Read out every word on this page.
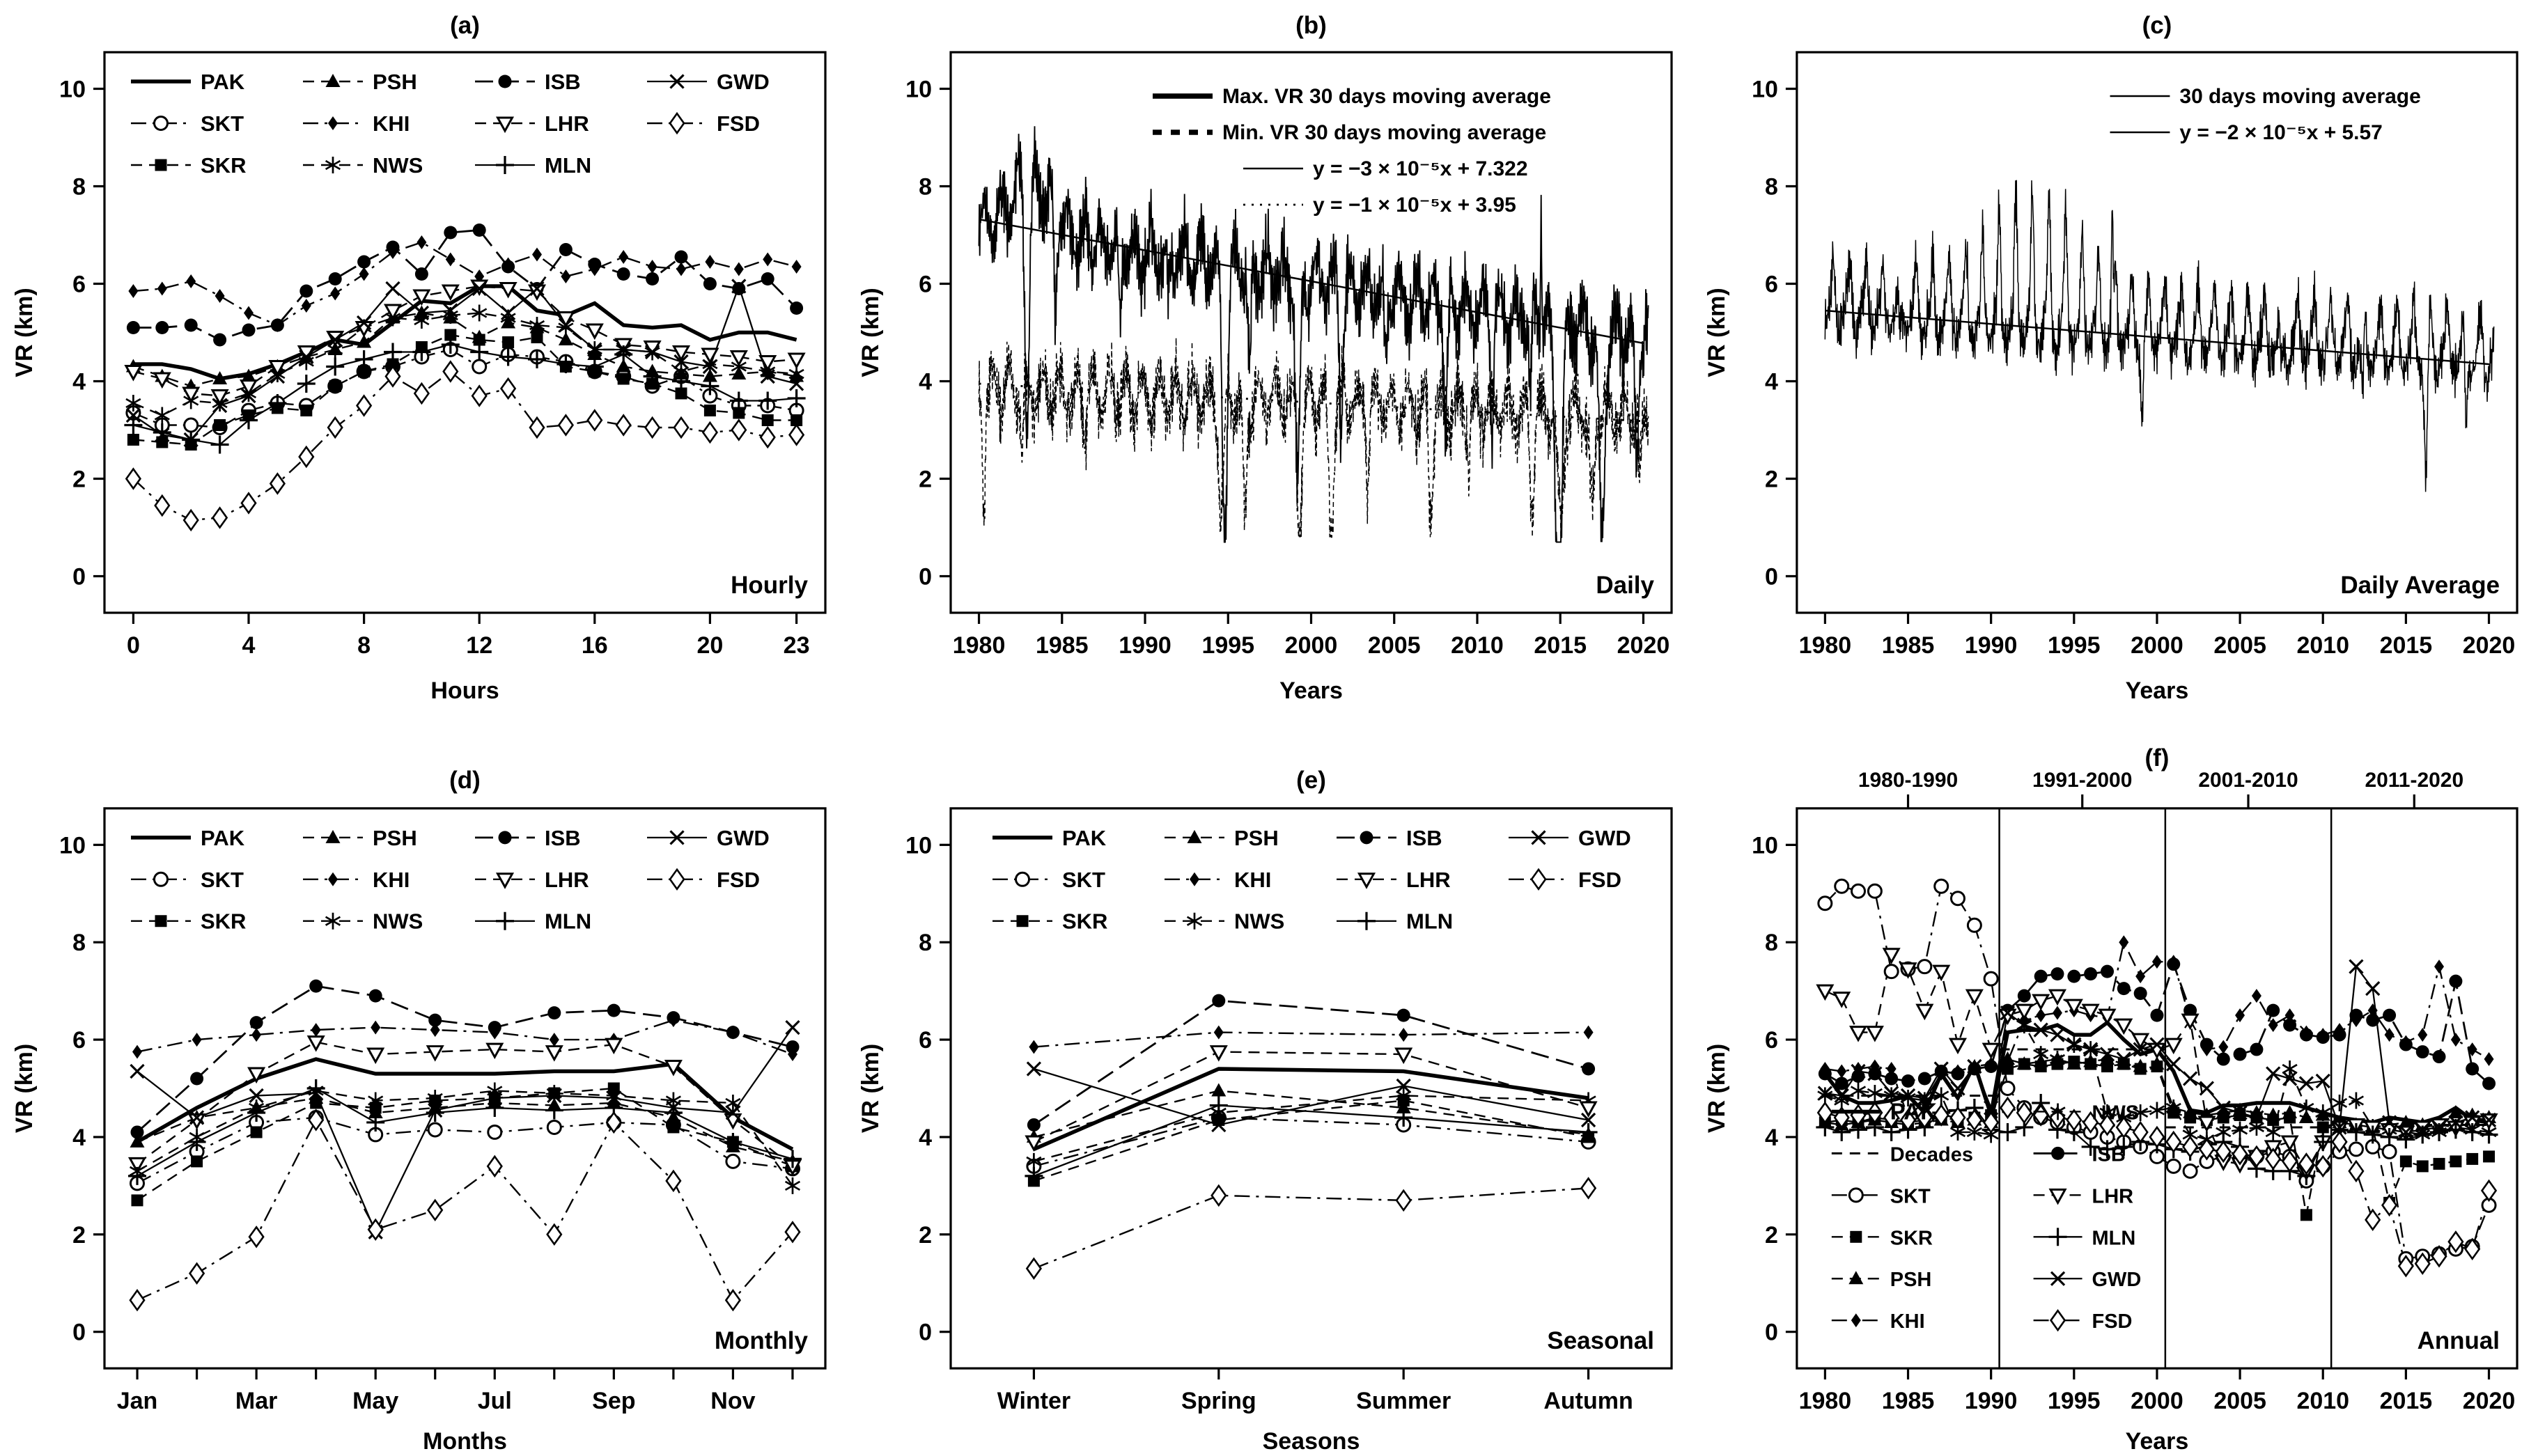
(a)
0
2
4
6
8
10
0	4	8	12	16	20	23
Hours
VR (km)
PAK
SKT
SKR
PSH
KHI
NWS
ISB
LHR
MLN
GWD
FSD
Hourly
(b)
0
2
4
6
8
10
1980 1985 1990 1995 2000 2005 2010 2015 2020
Years
VR (km)
Max. VR 30 days moving average
Min. VR 30 days moving average
y = −3 × 10⁻⁵x + 7.322
y = −1 × 10⁻⁵x + 3.95
Daily
(c)
0
2
4
6
8
10
1980 1985 1990 1995 2000 2005 2010 2015 2020
Years
VR (km)
30 days moving average
y = −2 × 10⁻⁵x + 5.57
Daily Average
(d)
0
2
4
6
8
10
Jan	Mar	May	Jul	Sep	Nov
Months
VR (km)
PAK
SKT
SKR
PSH
KHI
NWS
ISB
LHR
MLN
GWD
FSD
Monthly
(e)
0
2
4
6
8
10
Winter	Spring	Summer	Autumn
Seasons
VR (km)
PAK
SKT
SKR
PSH
KHI
NWS
ISB
LHR
MLN
GWD
FSD
Seasonal
(f)
0
2
4
6
8
10
1980 1985 1990 1995 2000 2005 2010 2015 2020
Years
VR (km)
1980-1990	1991-2000	2001-2010	2011-2020
PAK
Decades
SKT
SKR
PSH
KHI
NWS
ISB
LHR
MLN
GWD
FSD
Annual
